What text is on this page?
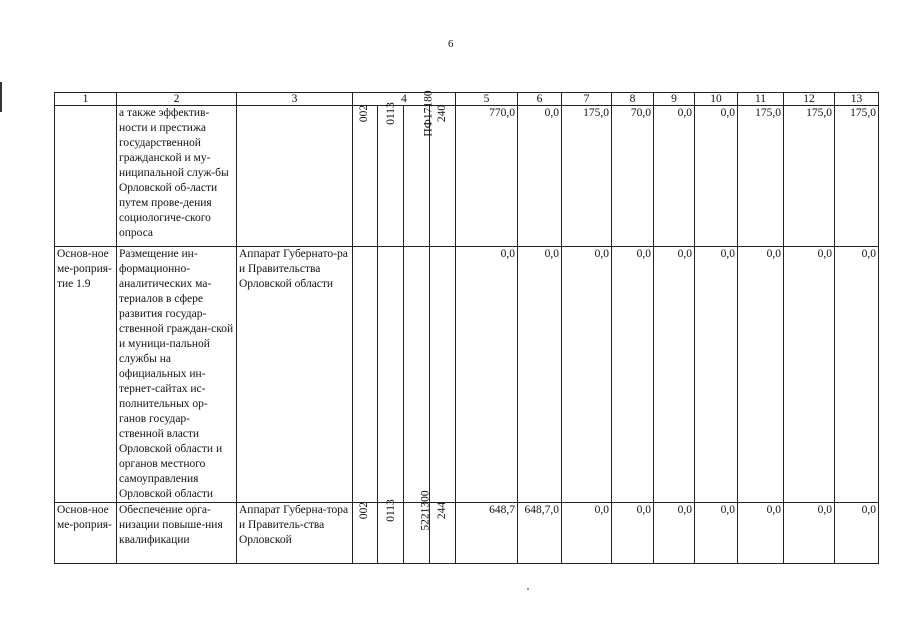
6
1	2	3	4				5	6	7	8	9	10	11	12	13
	а также эффектив-ности и престижа государственной гражданской и му-ниципальной служ-бы Орловской об-ласти путем прове-дения социологиче-ского опроса		002	0113	ПФ17180	240	770,0	0,0	175,0	70,0	0,0	0,0	175,0	175,0	175,0
Основ-ное ме-роприя-тие 1.9	Размещение ин-формационно-аналитических ма-териалов в сфере развития государ-ственной граждан-ской и муници-пальной службы на официальных ин-тернет-сайтах ис-полнительных ор-ганов государ-ственной власти Орловской области и органов местного самоуправления Орловской области	Аппарат Губернато-ра и Правительства Орловской области					0,0	0,0	0,0	0,0	0,0	0,0	0,0	0,0	0,0
Основ-ное ме-роприя-	Обеспечение орга-низации повыше-ния квалификации	Аппарат Губерна-тора и Правитель-ства Орловской	002	0113	5221300	244	648,7	648,7,0	0,0	0,0	0,0	0,0	0,0	0,0	0,0
